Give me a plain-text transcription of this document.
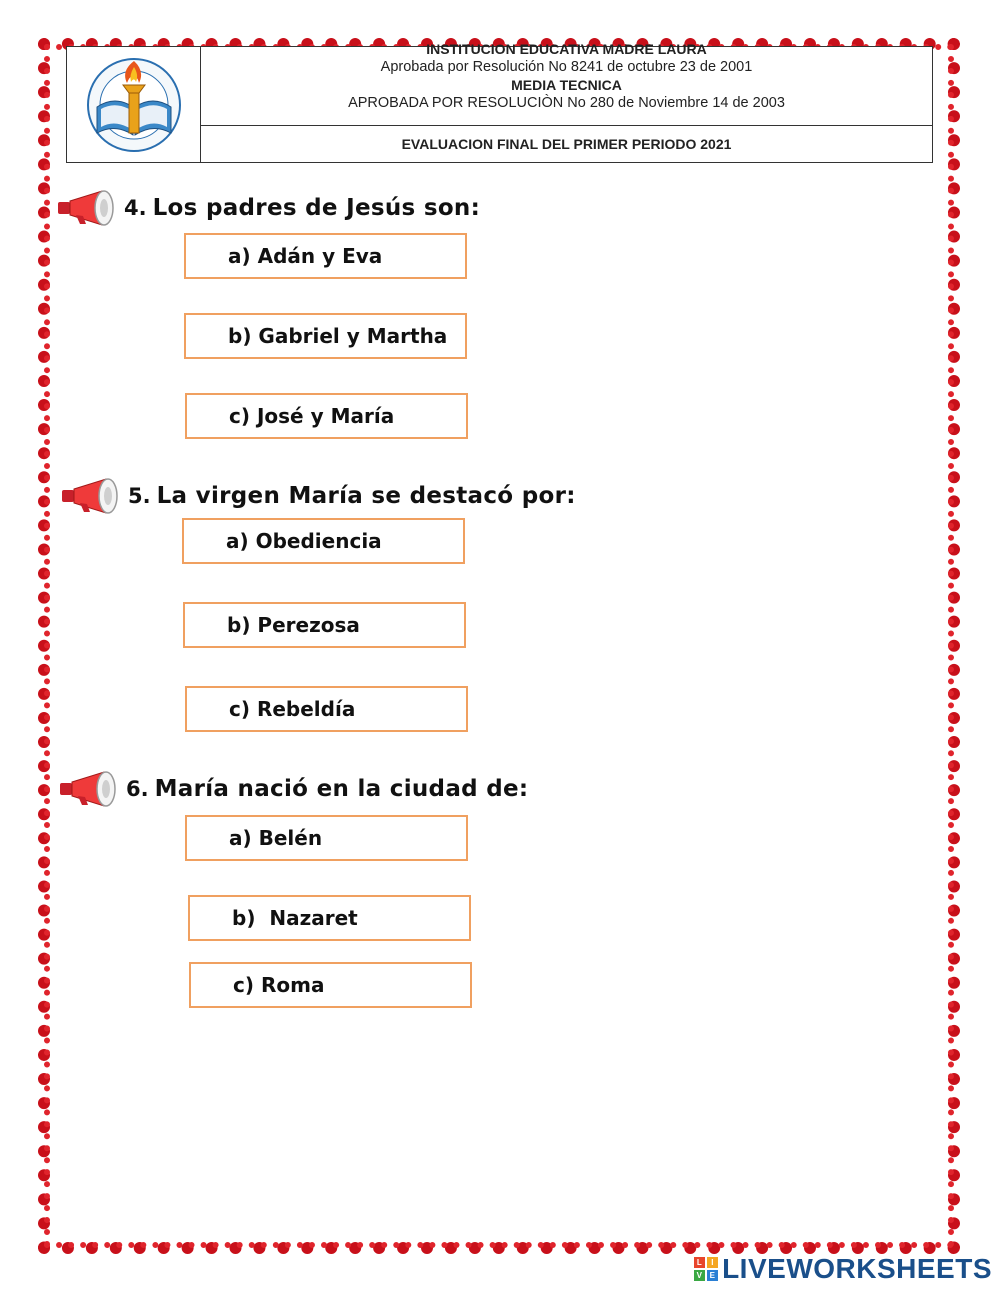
INSTITUCION EDUCATIVA MADRE LAURA
Aprobada por Resolución No 8241 de octubre 23 de 2001
MEDIA TECNICA
APROBADA POR RESOLUCIÒN No 280 de Noviembre 14 de 2003
EVALUACION FINAL DEL PRIMER PERIODO 2021
4. Los padres de Jesús son:
a) Adán y Eva
b) Gabriel y Martha
c) José y María
5. La virgen María se destacó por:
a) Obediencia
b) Perezosa
c) Rebeldía
6. María nació en la ciudad de:
a) Belén
b)  Nazaret
c) Roma
L	I
V E LIVEWORKSHEETS
